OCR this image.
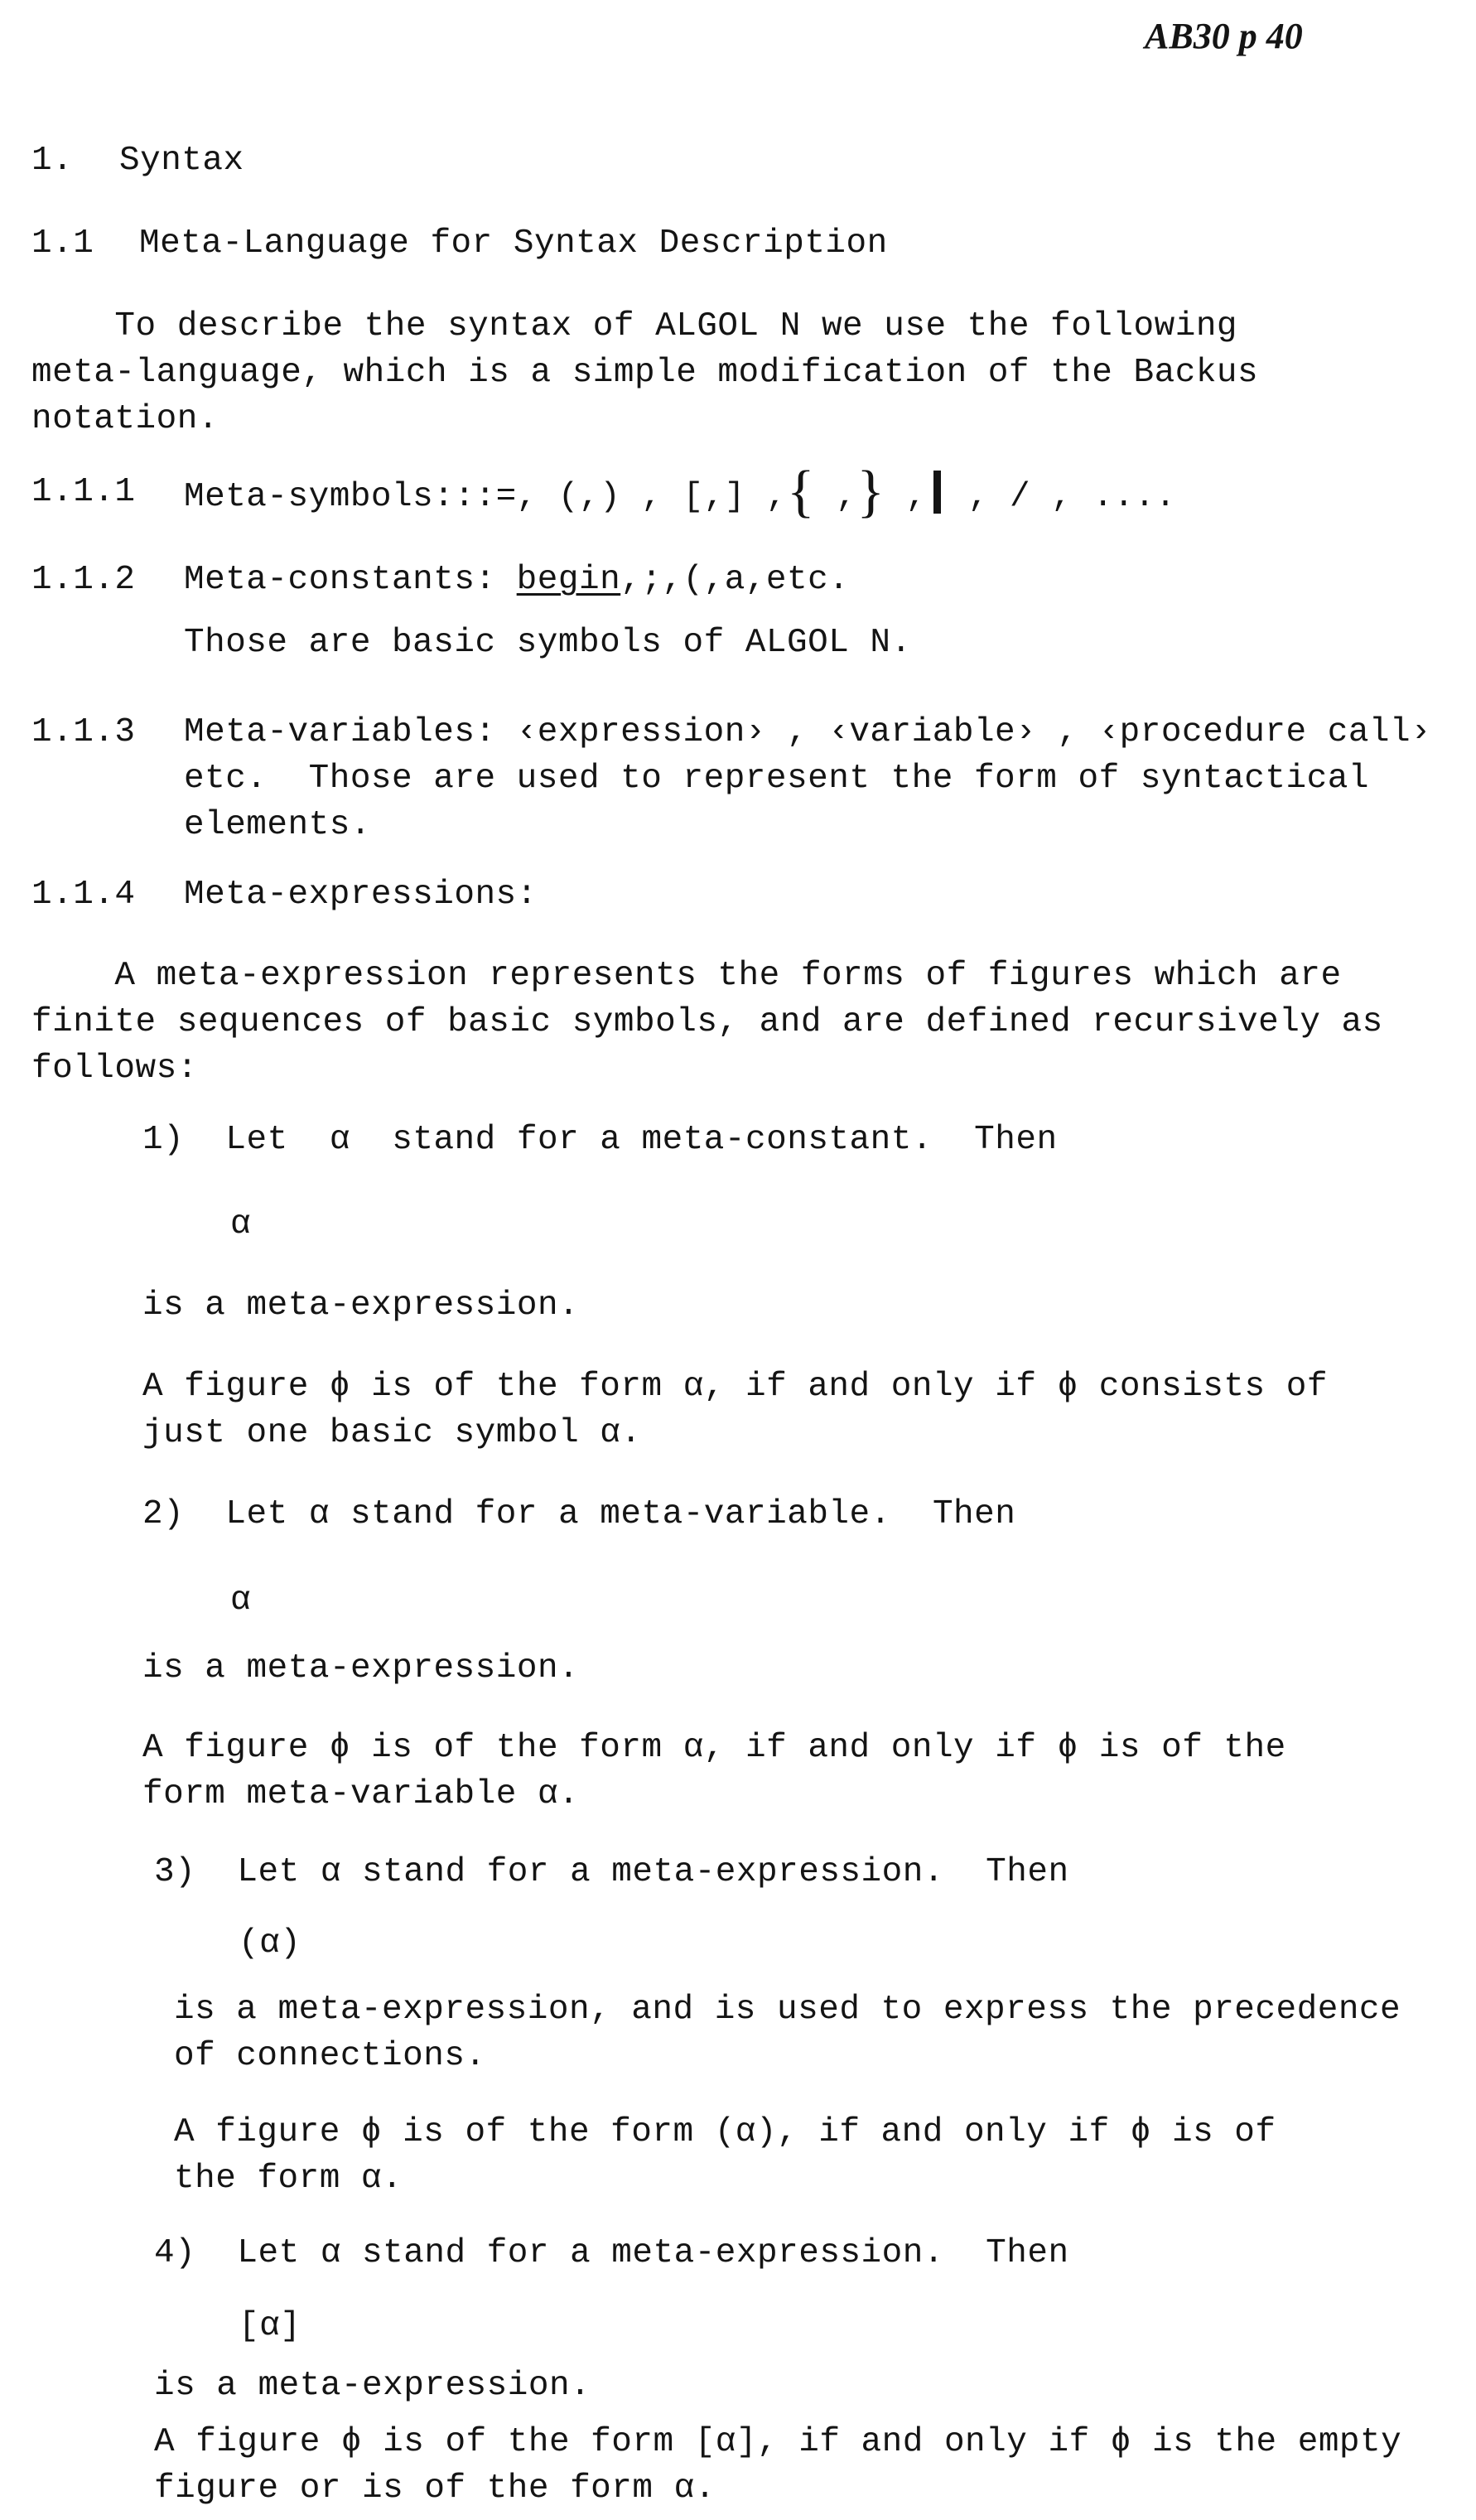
AB30 p 40

1. Syntax

1.1 Meta-Language for Syntax Description

To describe the syntax of ALGOL N we use the following
meta-language, which is a simple modification of the Backus
notation.

1.1.1 Meta-symbols:::=, (,) , [,] ,{ ,} , , / , ....

1.1.2 Meta-constants: begin,;,(,a,etc.

Those are basic symbols of ALGOL N.

1.1.3 Meta-variables: ‹expression› , ‹variable› , ‹procedure call›
etc.  Those are used to represent the form of syntactical
elements.

1.1.4 Meta-expressions:

A meta-expression represents the forms of figures which are
finite sequences of basic symbols, and are defined recursively as
follows:

1)  Let  α  stand for a meta-constant.  Then

α

is a meta-expression.

A figure ϕ is of the form α, if and only if ϕ consists of
just one basic symbol α.

2)  Let α stand for a meta-variable.  Then

α

is a meta-expression.

A figure ϕ is of the form α, if and only if ϕ is of the
form meta-variable α.

3)  Let α stand for a meta-expression.  Then

(α)

is a meta-expression, and is used to express the precedence
of connections.
A figure ϕ is of the form (α), if and only if ϕ is of
the form α.

4)  Let α stand for a meta-expression.  Then

[α]

is a meta-expression.

A figure ϕ is of the form [α], if and only if ϕ is the empty
figure or is of the form α.
